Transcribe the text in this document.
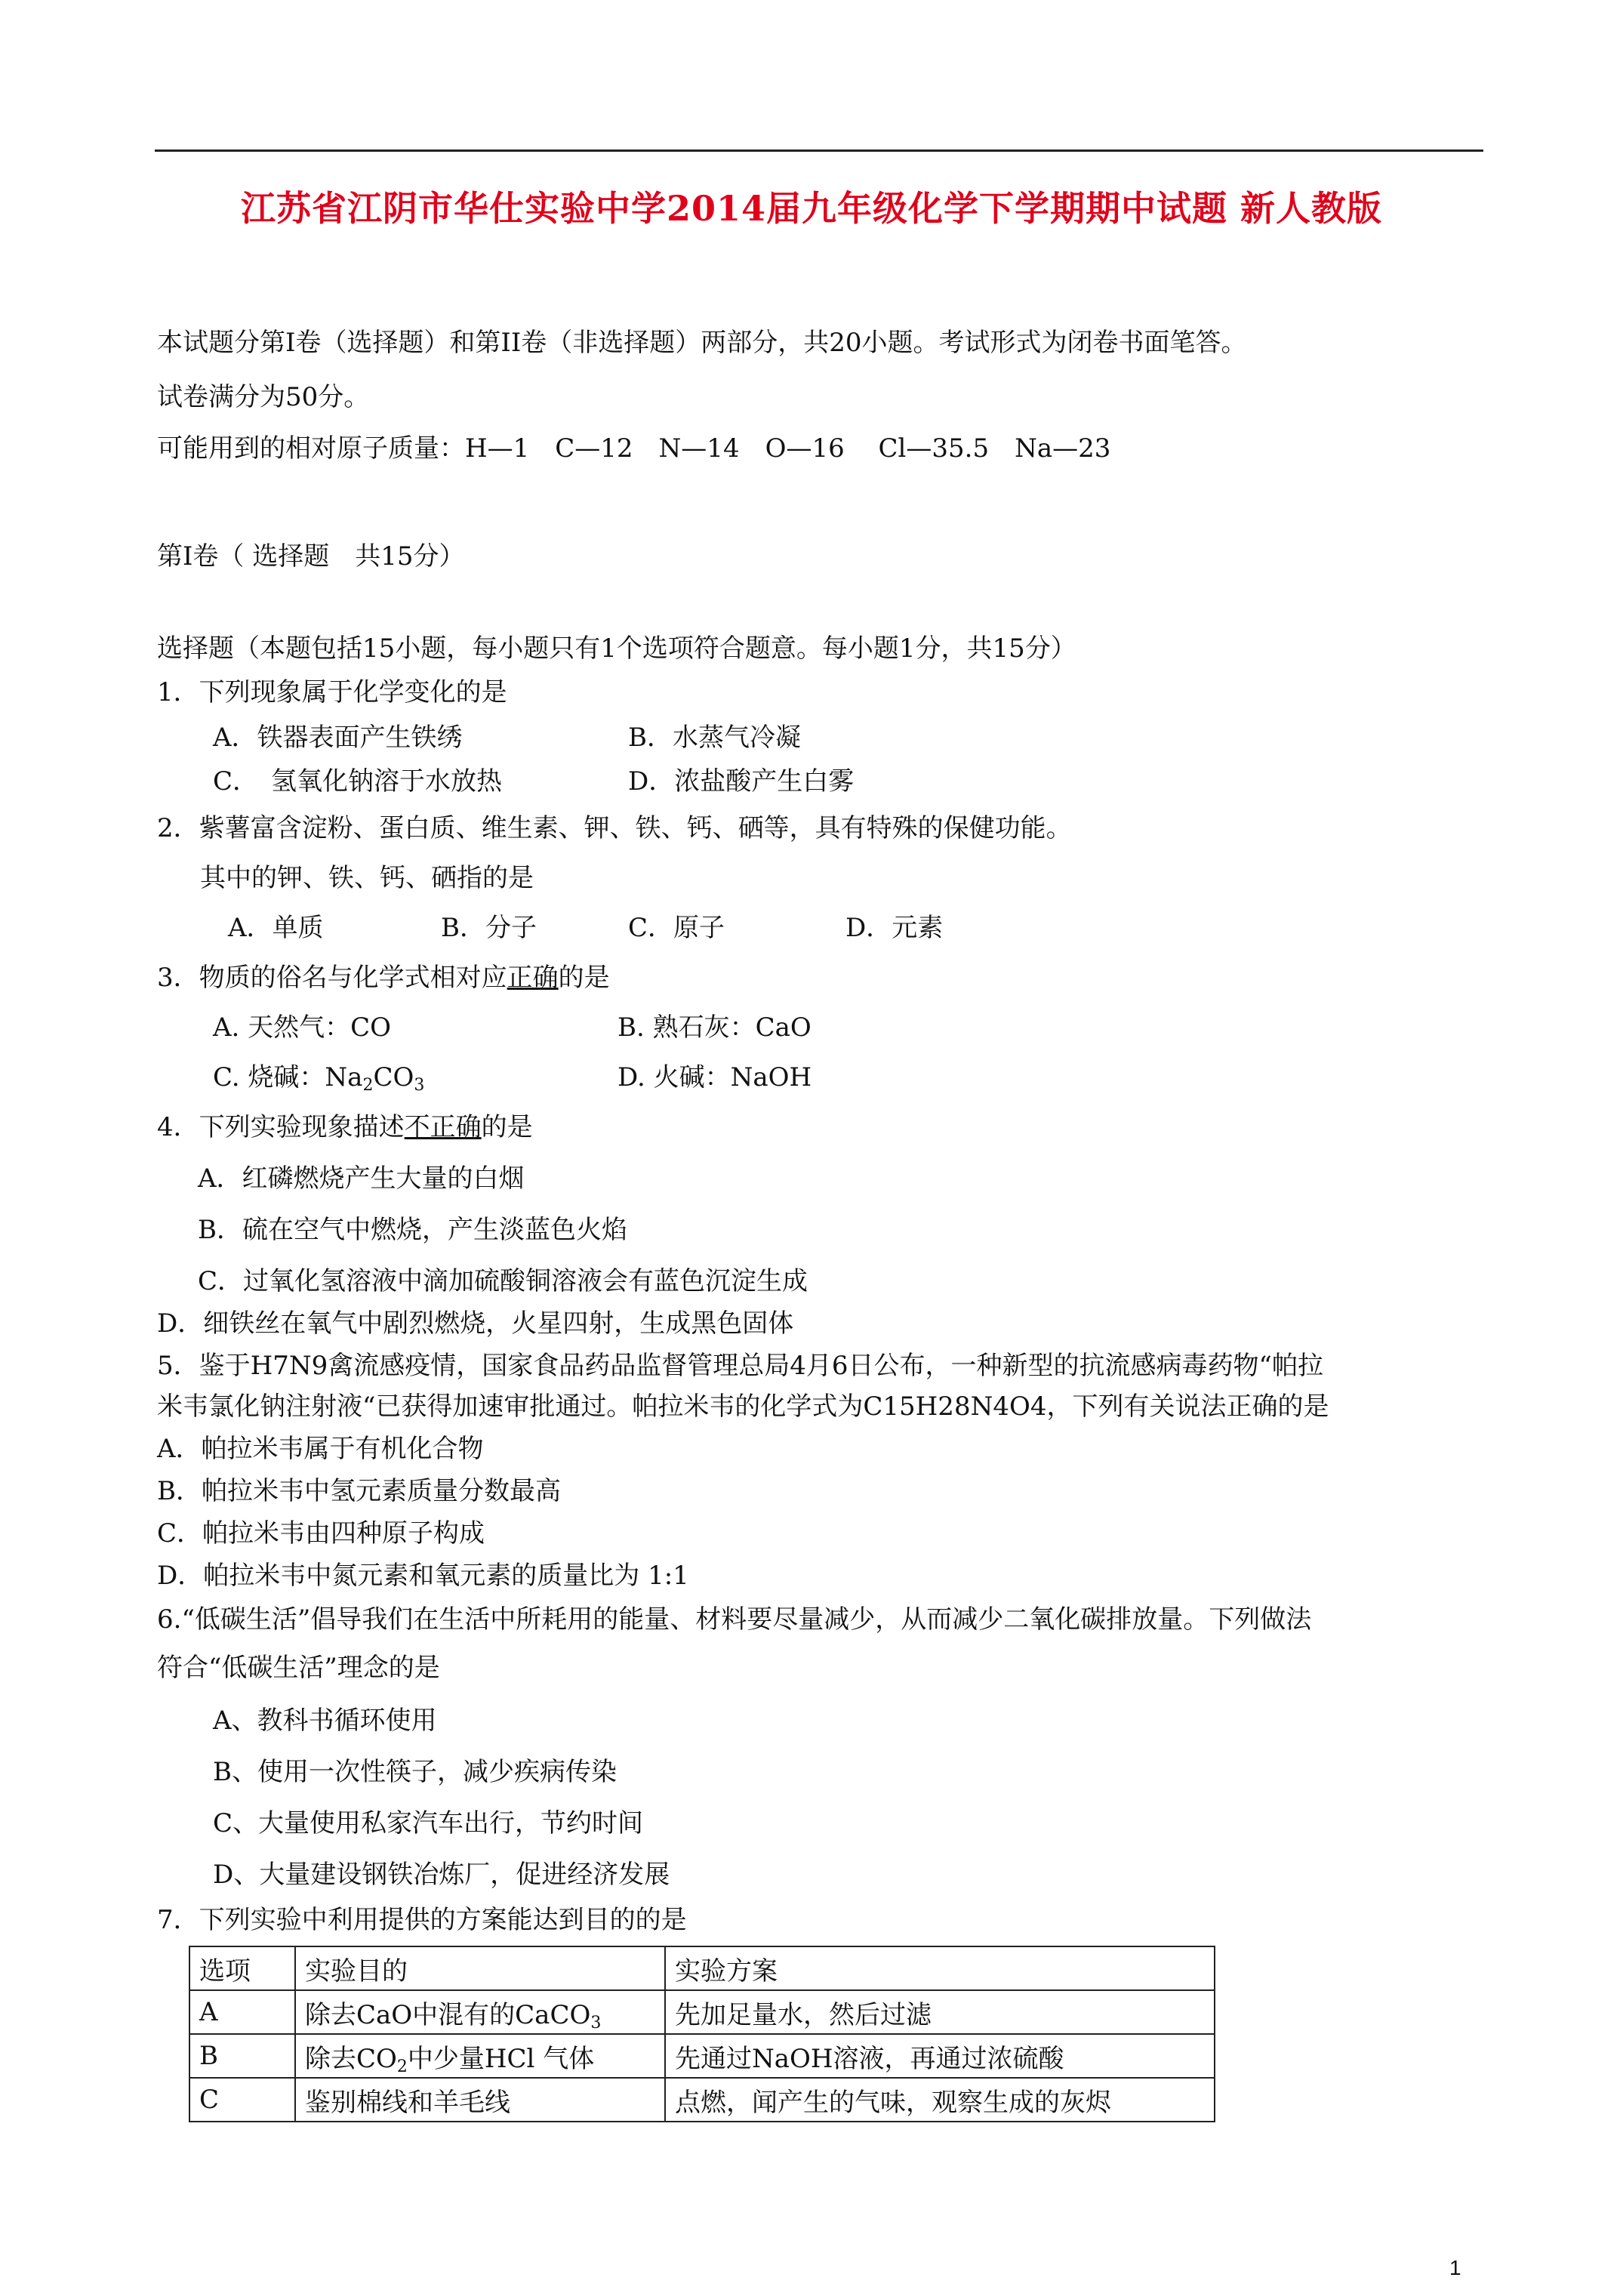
江苏省江阴市华仕实验中学2014届九年级化学下学期期中试题 新人教版
本试题分第I卷（选择题）和第II卷（非选择题）两部分，共20小题。考试形式为闭卷书面笔答。
试卷满分为50分。
可能用到的相对原子质量：H—1　C—12　N—14　O—16　 Cl—35.5　Na—23
第I卷（ 选择题　共15分）
选择题（本题包括15小题，每小题只有1个选项符合题意。每小题1分，共15分）
1．下列现象属于化学变化的是
A．铁器表面产生铁绣	B．水蒸气冷凝
C．　氢氧化钠溶于水放热	D．浓盐酸产生白雾
2．紫薯富含淀粉、蛋白质、维生素、钾、铁、钙、硒等，具有特殊的保健功能。
其中的钾、铁、钙、硒指的是
A．单质	B．分子	C．原子	D．元素
3．物质的俗名与化学式相对应正确的是
A. 天然气：CO	B. 熟石灰：CaO
C. 烧碱：$Na_2CO_3$	D. 火碱：NaOH
4．下列实验现象描述不正确的是
A．红磷燃烧产生大量的白烟
B．硫在空气中燃烧，产生淡蓝色火焰
C．过氧化氢溶液中滴加硫酸铜溶液会有蓝色沉淀生成
D．细铁丝在氧气中剧烈燃烧，火星四射，生成黑色固体
5．鉴于H7N9禽流感疫情，国家食品药品监督管理总局4月6日公布，一种新型的抗流感病毒药物“帕拉
米韦氯化钠注射液“已获得加速审批通过。帕拉米韦的化学式为C15H28N4O4，下列有关说法正确的是
A．帕拉米韦属于有机化合物
B．帕拉米韦中氢元素质量分数最高
C．帕拉米韦由四种原子构成
D．帕拉米韦中氮元素和氧元素的质量比为 1:1
6.“低碳生活”倡导我们在生活中所耗用的能量、材料要尽量减少，从而减少二氧化碳排放量。下列做法
符合“低碳生活”理念的是
A、教科书循环使用
B、使用一次性筷子，减少疾病传染
C、大量使用私家汽车出行，节约时间
D、大量建设钢铁冶炼厂，促进经济发展
7．下列实验中利用提供的方案能达到目的的是
选项	实验目的	实验方案
A	除去CaO中混有的CaCO$_3$	先加足量水，然后过滤
B	除去$CO_2$中少量HCl 气体	先通过NaOH溶液，再通过浓硫酸
C	鉴别棉线和羊毛线	点燃，闻产生的气味，观察生成的灰烬
1
